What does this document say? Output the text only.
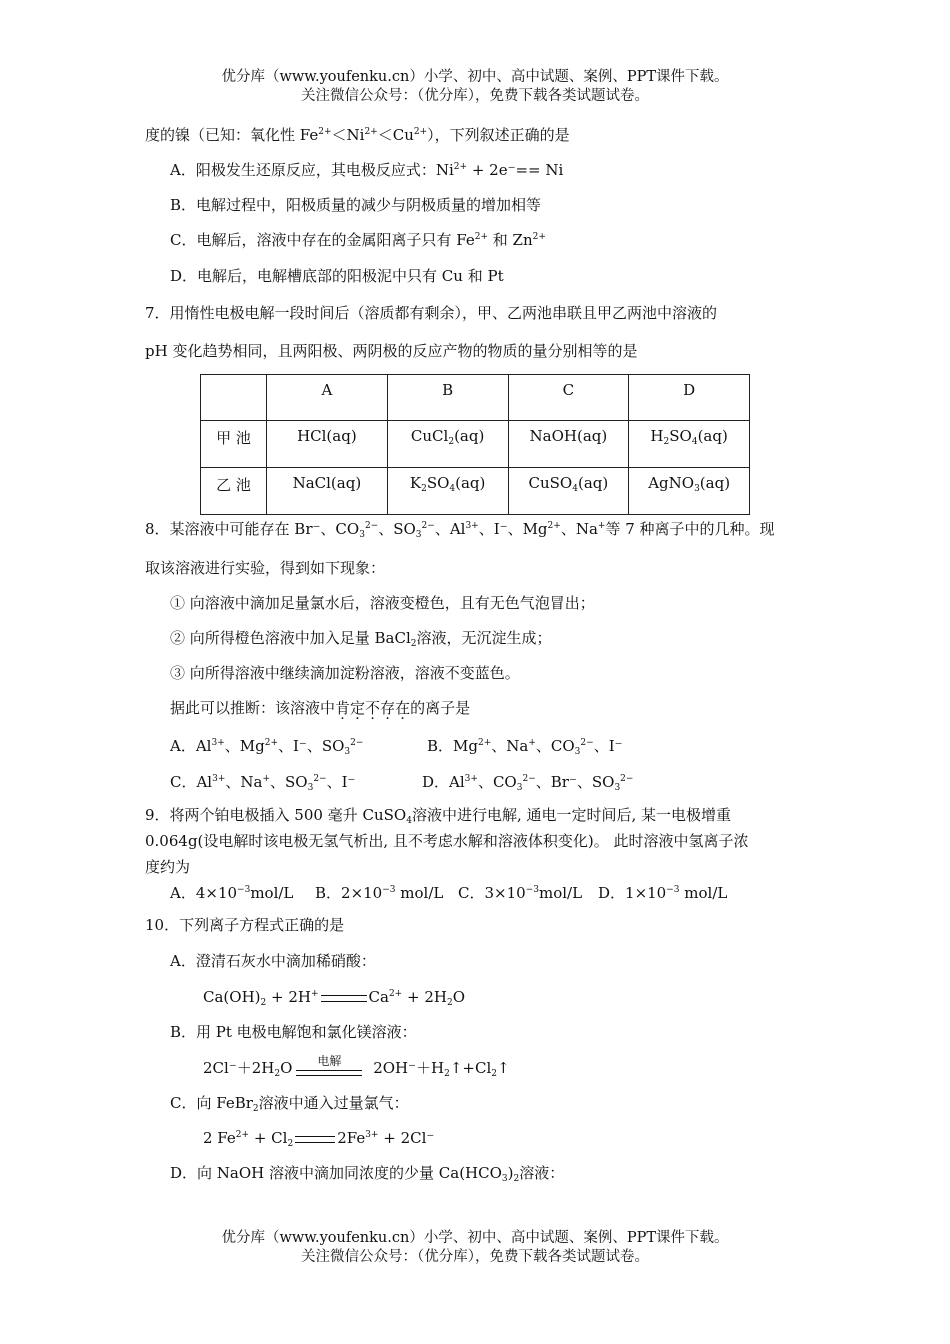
优分库（www.youfenku.cn）小学、初中、高中试题、案例、PPT课件下载。
关注微信公众号：（优分库），免费下载各类试题试卷。
度的镍（已知：氧化性 $Fe^{2+}<Ni^{2+}<Cu^{2+}$），下列叙述正确的是
A．阳极发生还原反应，其电极反应式：$Ni^{2+} + 2e^-== Ni$
B．电解过程中，阳极质量的减少与阴极质量的增加相等
C．电解后，溶液中存在的金属阳离子只有 $Fe^{2+}$ 和 $Zn^{2+}$
D．电解后，电解槽底部的阳极泥中只有 Cu 和 Pt
7．用惰性电极电解一段时间后（溶质都有剩余），甲、乙两池串联且甲乙两池中溶液的
pH 变化趋势相同，且两阳极、两阴极的反应产物的物质的量分别相等的是
	A	B	C	D
甲 池	HCl(aq)	CuCl$_2$(aq)	NaOH(aq)	$H_2SO_4(aq)$
乙 池	NaCl(aq)	$K_2SO_4(aq)$	CuSO$_4$(aq)	AgNO$_3$(aq)
8．某溶液中可能存在 Br⁻、$CO_3^{2-}$、$SO_3^{2-}$、$Al^{3+}$、I⁻、$Mg^{2+}$、Na+等 7 种离子中的几种。现
取该溶液进行实验，得到如下现象：
① 向溶液中滴加足量氯水后，溶液变橙色，且有无色气泡冒出；
② 向所得橙色溶液中加入足量 BaCl$_2$溶液，无沉淀生成；
③ 向所得溶液中继续滴加淀粉溶液，溶液不变蓝色。
据此可以推断：该溶液中肯定不存在的离子是
A．$Al^{3+}$、$Mg^{2+}$、I⁻、$SO_3^{2-}$	B．$Mg^{2+}$、Na+、$CO_3^{2-}$、I⁻
C．$Al^{3+}$、Na+、$SO_3^{2-}$、I⁻	D．$Al^{3+}$、$CO_3^{2-}$、Br⁻、$SO_3^{2-}$
9．将两个铂电极插入 500 毫升 CuSO$_4$溶液中进行电解, 通电一定时间后, 某一电极增重
0.064g(设电解时该电极无氢气析出, 且不考虑水解和溶液体积变化)。 此时溶液中氢离子浓
度约为
A．$4\times 10^{-3}mol/L$ B．$2\times 10^{-3}$ mol/L C．$3\times 10^{-3}mol/L$ D．$1\times 10^{-3}$ mol/L
10．下列离子方程式正确的是
A．澄清石灰水中滴加稀硝酸：
$Ca(OH)_2 + 2H^+$	$Ca^{2+} + 2H_2O$
B．用 Pt 电极电解饱和氯化镁溶液：
$2Cl^-+2H_2O$	电解	$2OH^-+H_2↑+Cl_2↑$
C．向 FeBr$_2$溶液中通入过量氯气：
2 $Fe^{2+} + Cl_2$	$2Fe^{3+} + 2Cl^-$
D．向 NaOH 溶液中滴加同浓度的少量 $Ca(HCO_3)_2$溶液：
优分库（www.youfenku.cn）小学、初中、高中试题、案例、PPT课件下载。
关注微信公众号：（优分库），免费下载各类试题试卷。
